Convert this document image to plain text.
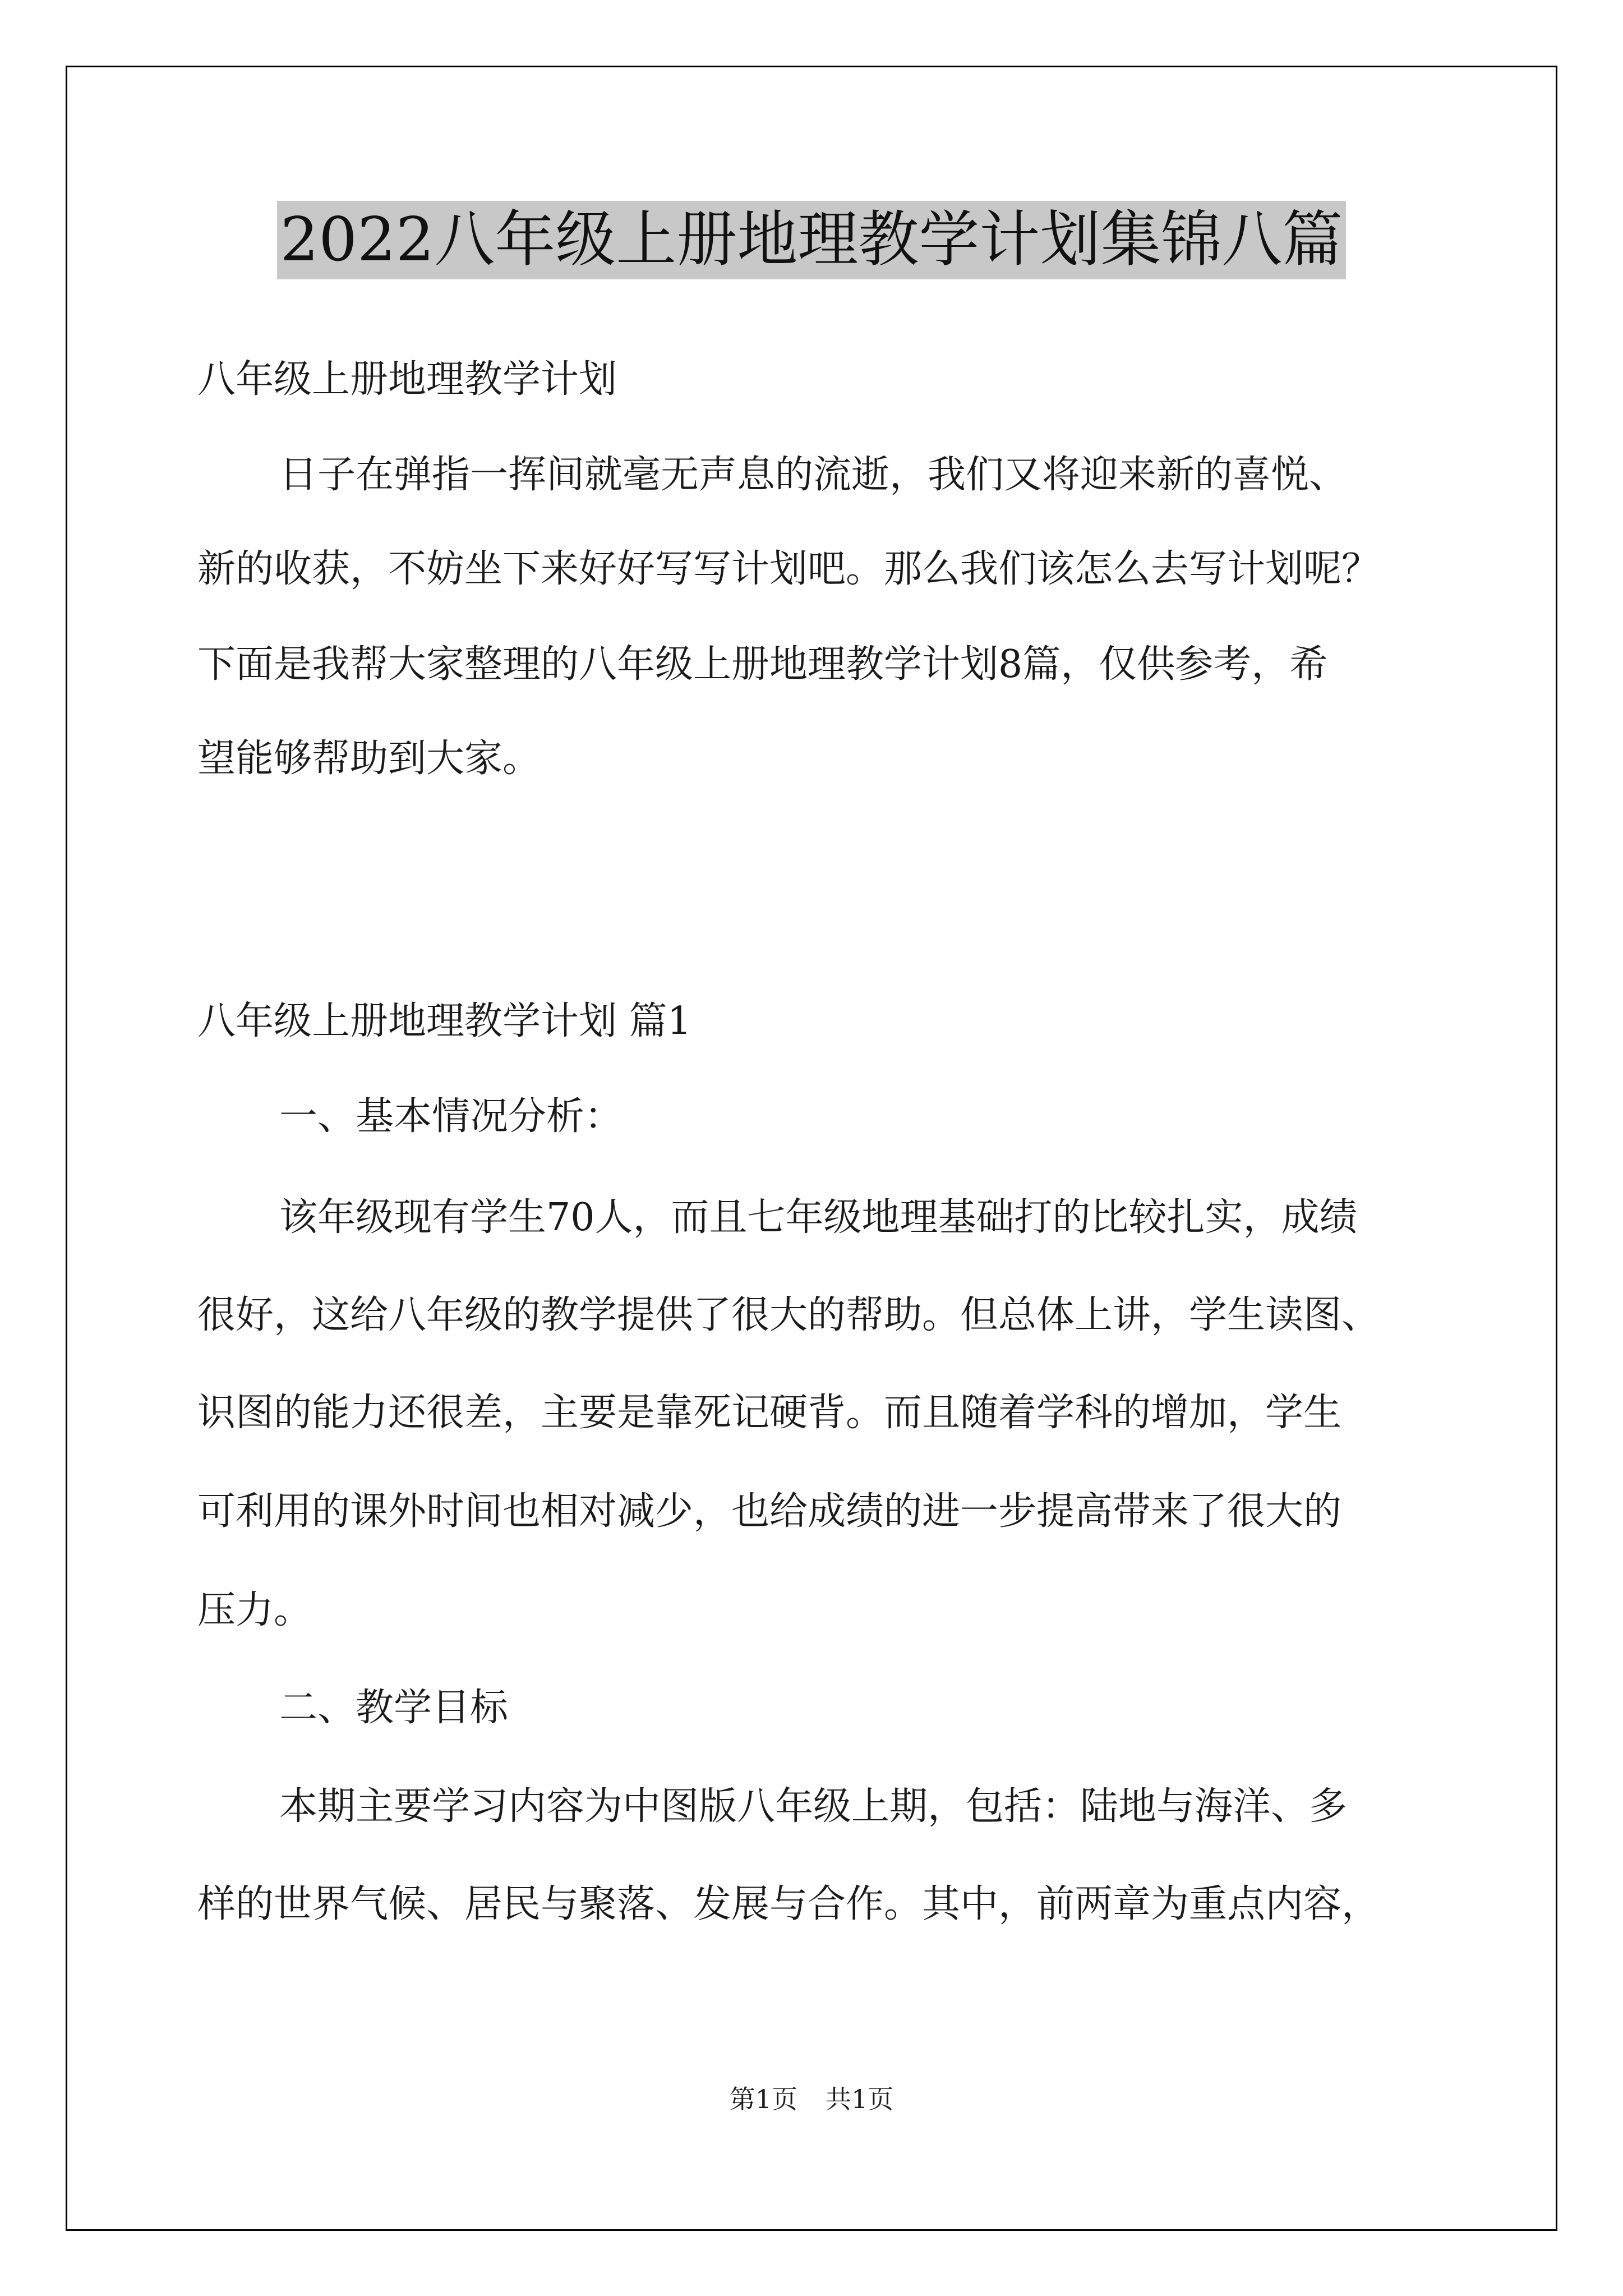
2022八年级上册地理教学计划集锦八篇
八年级上册地理教学计划
日子在弹指一挥间就毫无声息的流逝，我们又将迎来新的喜悦、
新的收获，不妨坐下来好好写写计划吧。那么我们该怎么去写计划呢？
下面是我帮大家整理的八年级上册地理教学计划8篇，仅供参考，希
望能够帮助到大家。
八年级上册地理教学计划 篇1
一、基本情况分析：
该年级现有学生70人，而且七年级地理基础打的比较扎实，成绩
很好，这给八年级的教学提供了很大的帮助。但总体上讲，学生读图、
识图的能力还很差，主要是靠死记硬背。而且随着学科的增加，学生
可利用的课外时间也相对减少，也给成绩的进一步提高带来了很大的
压力。
二、教学目标
本期主要学习内容为中图版八年级上期，包括：陆地与海洋、多
样的世界气候、居民与聚落、发展与合作。其中，前两章为重点内容，
第1页 共1页
